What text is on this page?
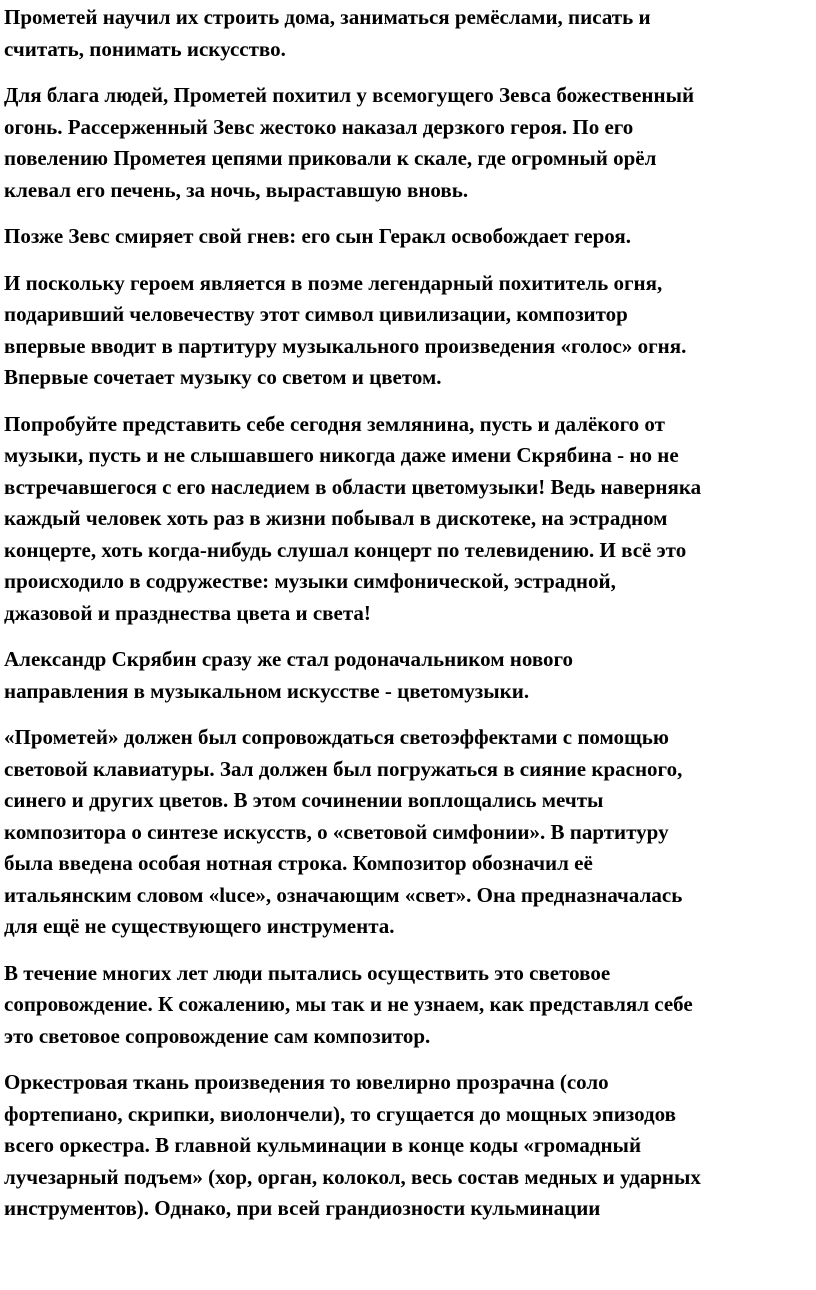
Прометей научил их строить дома, заниматься ремёслами, писать и
считать, понимать искусство.

Для блага людей, Прометей похитил у всемогущего Зевса божественный
огонь. Рассерженный Зевс жестоко наказал дерзкого героя. По его
повелению Прометея цепями приковали к скале, где огромный орёл
клевал его печень, за ночь, выраставшую вновь.

Позже Зевс смиряет свой гнев: его сын Геракл освобождает героя.

И поскольку героем является в поэме легендарный похититель огня,
подаривший человечеству этот символ цивилизации, композитор
впервые вводит в партитуру музыкального произведения «голос» огня.
Впервые сочетает музыку со светом и цветом.

Попробуйте представить себе сегодня землянина, пусть и далёкого от
музыки, пусть и не слышавшего никогда даже имени Скрябина - но не
встречавшегося с его наследием в области цветомузыки! Ведь наверняка
каждый человек хоть раз в жизни побывал в дискотеке, на эстрадном
концерте, хоть когда-нибудь слушал концерт по телевидению. И всё это
происходило в содружестве: музыки симфонической, эстрадной,
джазовой и празднества цвета и света!

Александр Скрябин сразу же стал родоначальником нового
направления в музыкальном искусстве - цветомузыки.

«Прометей» должен был сопровождаться светоэффектами с помощью
световой клавиатуры. Зал должен был погружаться в сияние красного,
синего и других цветов. В этом сочинении воплощались мечты
композитора о синтезе искусств, о «световой симфонии». В партитуру
была введена особая нотная строка. Композитор обозначил её
итальянским словом «luce», означающим «свет». Она предназначалась
для ещё не существующего инструмента.

В течение многих лет люди пытались осуществить это световое
сопровождение. К сожалению, мы так и не узнаем, как представлял себе
это световое сопровождение сам композитор.

Оркестровая ткань произведения то ювелирно прозрачна (соло
фортепиано, скрипки, виолончели), то сгущается до мощных эпизодов
всего оркестра. В главной кульминации в конце коды «громадный
лучезарный подъем» (хор, орган, колокол, весь состав медных и ударных
инструментов). Однако, при всей грандиозности кульминации
